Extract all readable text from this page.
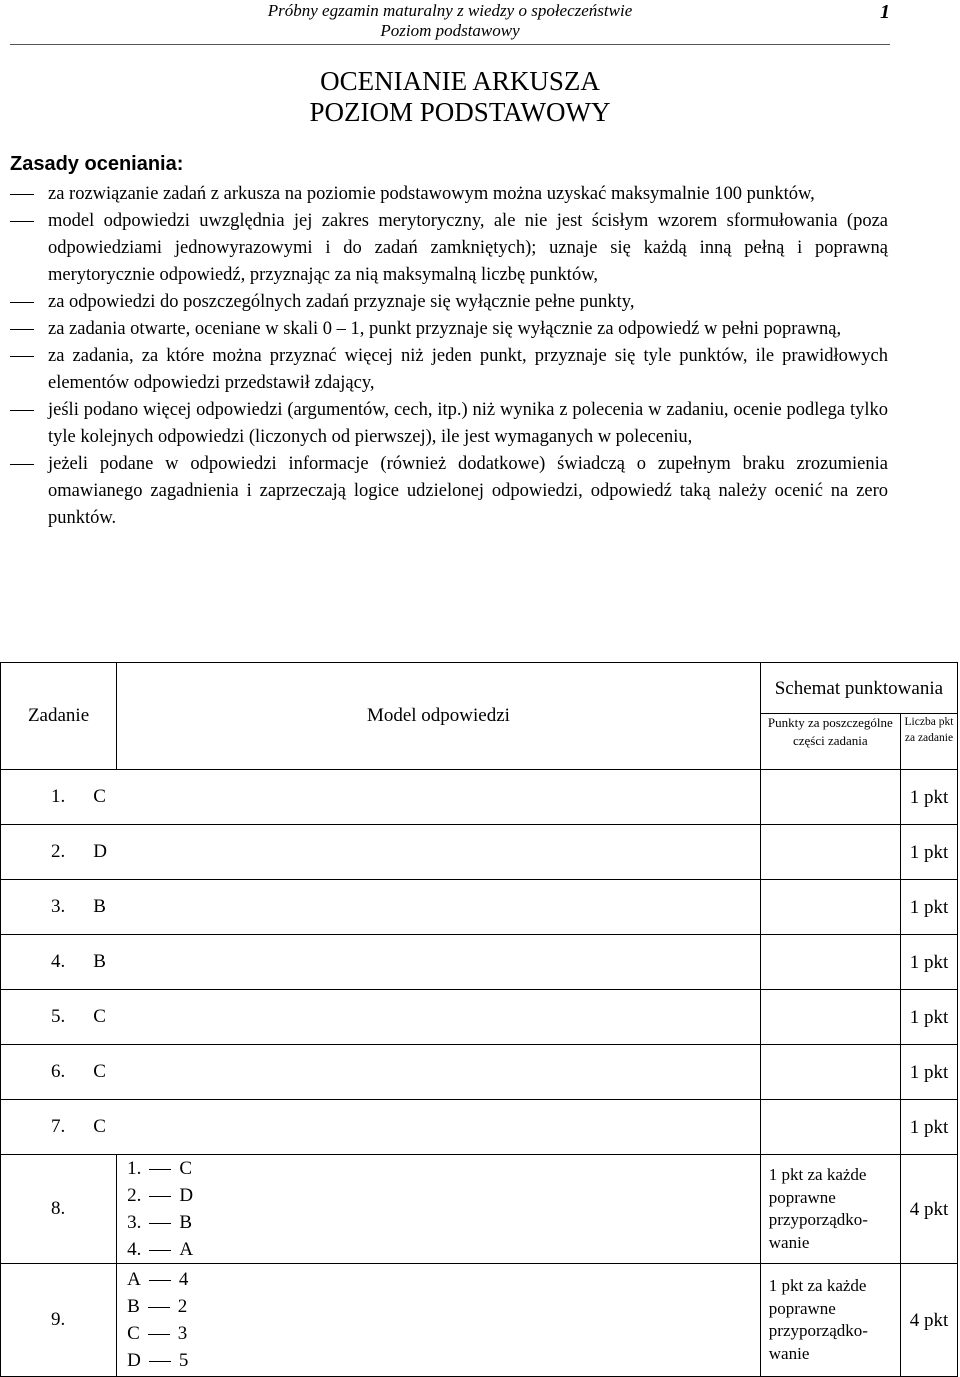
Próbny egzamin maturalny z wiedzy o społeczeństwie
Poziom podstawowy
1
OCENIANIE ARKUSZA
POZIOM PODSTAWOWY
Zasady oceniania:
za rozwiązanie zadań z arkusza na poziomie podstawowym można uzyskać maksymalnie 100 punktów,
model odpowiedzi uwzględnia jej zakres merytoryczny, ale nie jest ścisłym wzorem sformułowania (poza odpowiedziami jednowyrazowymi i do zadań zamkniętych); uznaje się każdą inną pełną i poprawną merytorycznie odpowiedź, przyznając za nią maksymalną liczbę punktów,
za odpowiedzi do poszczególnych zadań przyznaje się wyłącznie pełne punkty,
za zadania otwarte, oceniane w skali 0 – 1, punkt przyznaje się wyłącznie za odpowiedź w pełni poprawną,
za zadania, za które można przyznać więcej niż jeden punkt, przyznaje się tyle punktów, ile prawidłowych elementów odpowiedzi przedstawił zdający,
jeśli podano więcej odpowiedzi (argumentów, cech, itp.) niż wynika z polecenia w zadaniu, ocenie podlega tylko tyle kolejnych odpowiedzi (liczonych od pierwszej), ile jest wymaganych w poleceniu,
jeżeli podane w odpowiedzi informacje (również dodatkowe) świadczą o zupełnym braku zrozumienia omawianego zagadnienia i zaprzeczają logice udzielonej odpowiedzi, odpowiedź taką należy ocenić na zero punktów.
Zadanie	Model odpowiedzi	Schemat punktowania	
		Punkty za poszczególne części zadania	Liczba pkt za zadanie
1. C			1 pkt
2. D			1 pkt
3. B			1 pkt
4. B			1 pkt
5. C			1 pkt
6. C			1 pkt
7. C			1 pkt
8.	1. C
2. D
3. B
4. A	1 pkt za każde poprawne przyporządko-wanie	4 pkt
9.	A 4
B 2
C 3
D 5	1 pkt za każde poprawne przyporządko-wanie	4 pkt
